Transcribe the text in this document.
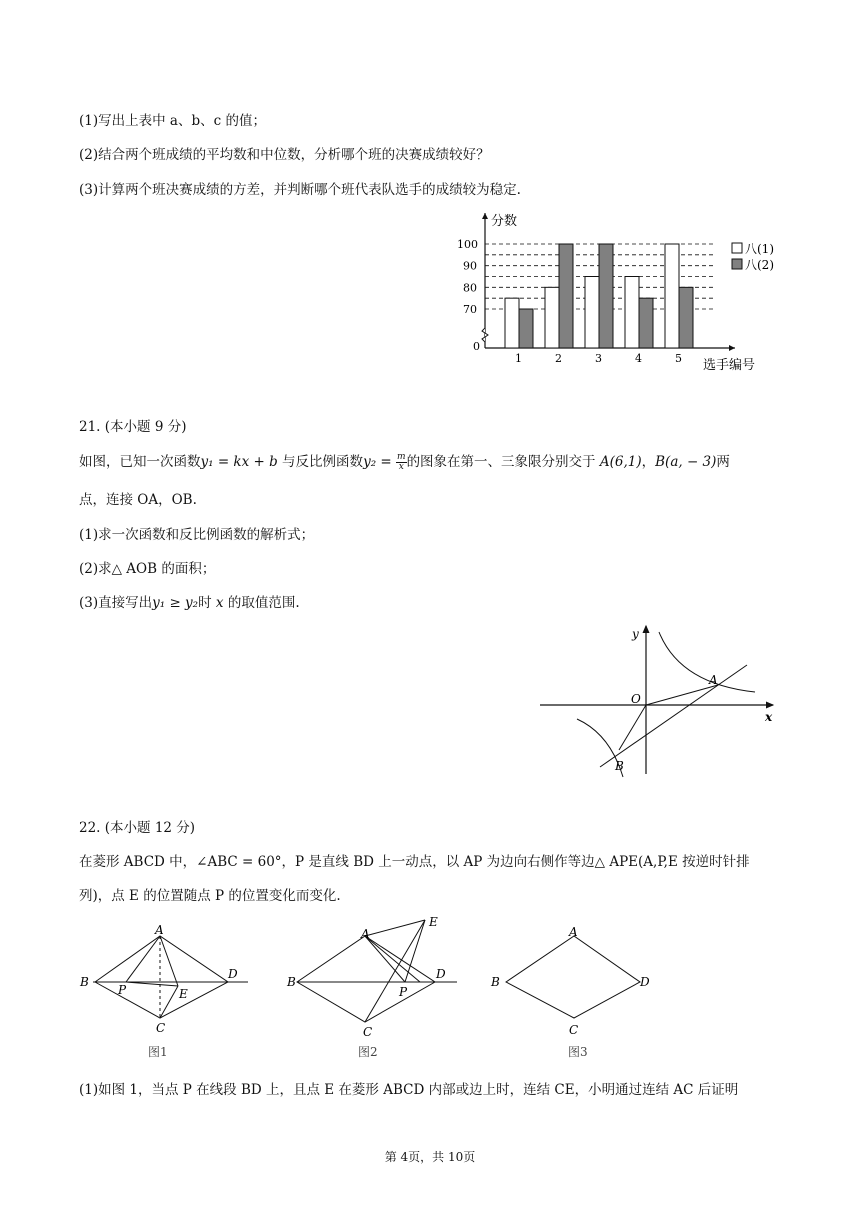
(1)写出上表中 a、b、c 的值；
(2)结合两个班成绩的平均数和中位数，分析哪个班的决赛成绩较好？
(3)计算两个班决赛成绩的方差，并判断哪个班代表队选手的成绩较为稳定.
0
70
80
90
100
分数
1	2	3	4	5 选手编号
八(1)
八(2)
21. (本小题 9 分)
如图，已知一次函数y₁ = kx + b 与反比例函数$y_2 = \frac{m}{x}$ 的图象在第一、三象限分别交于 A(6,1)，B(a, − 3)两
点，连接 OA，OB.
(1)求一次函数和反比例函数的解析式；
(2)求△ AOB 的面积；
(3)直接写出y₁ ≥ y₂时 x 的取值范围.
y
x
O
A
B
22. (本小题 12 分)
在菱形 ABCD 中，∠ABC = 60°，P 是直线 BD 上一动点，以 AP 为边向右侧作等边△ APE(A,P,E 按逆时针排
列)，点 E 的位置随点 P 的位置变化而变化.
A
B
C
D
P	E
图1
A
B
C
D
P
E
图2
A
B
C
D
图3
(1)如图 1，当点 P 在线段 BD 上，且点 E 在菱形 ABCD 内部或边上时，连结 CE，小明通过连结 AC 后证明
第 4页，共 10页
